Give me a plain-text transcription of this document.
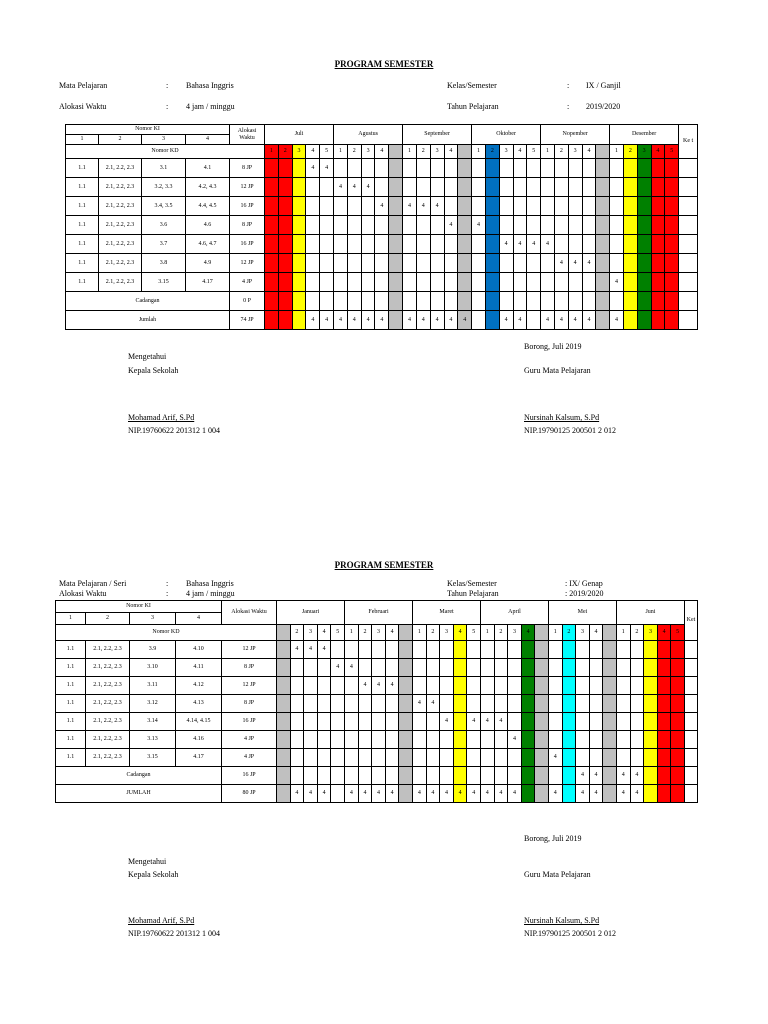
PROGRAM SEMESTER
Mata Pelajaran	: Bahasa Inggris
Alokasi Waktu	: 4 jam / minggu
Kelas/Semester	: IX / Ganjil
Tahun Pelajaran	: 2019/2020
Nomor KI				Alokasi Waktu	Juli					Agustus					September					Oktober					Nopember					Desember					Ke t
1	2	3	4																																
Nomor KD					1	2	3	4	5	1	2	3	4		1	2	3	4		1	2	3	4	5	1	2	3	4		1	2	3	4	5	
1.1	2.1, 2.2, 2.3	3.1	4.1	8 JP				4	4																										
1.1	2.1, 2.2, 2.3	3.2, 3.3	4.2, 4.3	12 JP						4	4	4																							
1.1	2.1, 2.2, 2.3	3.4, 3.5	4.4, 4.5	16 JP									4		4	4	4																		
1.1	2.1, 2.2, 2.3	3.6	4.6	8 JP														4		4															
1.1	2.1, 2.2, 2.3	3.7	4.6, 4.7	16 JP																		4	4	4	4										
1.1	2.1, 2.2, 2.3	3.8	4.9	12 JP																						4	4	4							
1.1	2.1, 2.2, 2.3	3.15	4.17	4 JP																										4					
Cadangan				0 P																															
Jumlah				74 JP				4	4	4	4	4	4		4	4	4	4	4			4	4		4	4	4	4		4					
Borong, Juli 2019
Mengetahui
Kepala Sekolah	Guru Mata Pelajaran
Mohamad Arif, S.Pd
NIP.19760622 201312 1 004
Nursinah Kalsum, S.Pd
NIP.19790125 200501 2 012
PROGRAM SEMESTER
Mata Pelajaran / Seri	: Bahasa Inggris
Alokasi Waktu	: 4 jam / minggu
Kelas/Semester	: IX/ Genap
Tahun Pelajaran	: 2019/2020
Nomor KI				Alokasi Waktu	Januari					Februari					Maret					April					Mei					Juni					Ket
1	2	3	4																																
Nomor KD						2	3	4	5	1	2	3	4		1	2	3	4	5	1	2	3	4		1	2	3	4		1	2	3	4	5	
1.1	2.1, 2.2, 2.3	3.9	4.10	12 JP		4	4	4																											
1.1	2.1, 2.2, 2.3	3.10	4.11	8 JP					4	4																									
1.1	2.1, 2.2, 2.3	3.11	4.12	12 JP							4	4	4																						
1.1	2.1, 2.2, 2.3	3.12	4.13	8 JP											4	4																			
1.1	2.1, 2.2, 2.3	3.14	4.14, 4.15	16 JP													4		4	4	4														
1.1	2.1, 2.2, 2.3	3.13	4.16	4 JP																		4													
1.1	2.1, 2.2, 2.3	3.15	4.17	4 JP																					4										
Cadangan				16 JP																							4	4		4	4				
JUMLAH				80 JP		4	4	4		4	4	4	4		4	4	4	4	4	4	4	4			4		4	4		4	4				
Borong, Juli 2019
Mengetahui
Kepala Sekolah	Guru Mata Pelajaran
Mohamad Arif, S.Pd
NIP.19760622 201312 1 004
Nursinah Kalsum, S.Pd
NIP.19790125 200501 2 012
